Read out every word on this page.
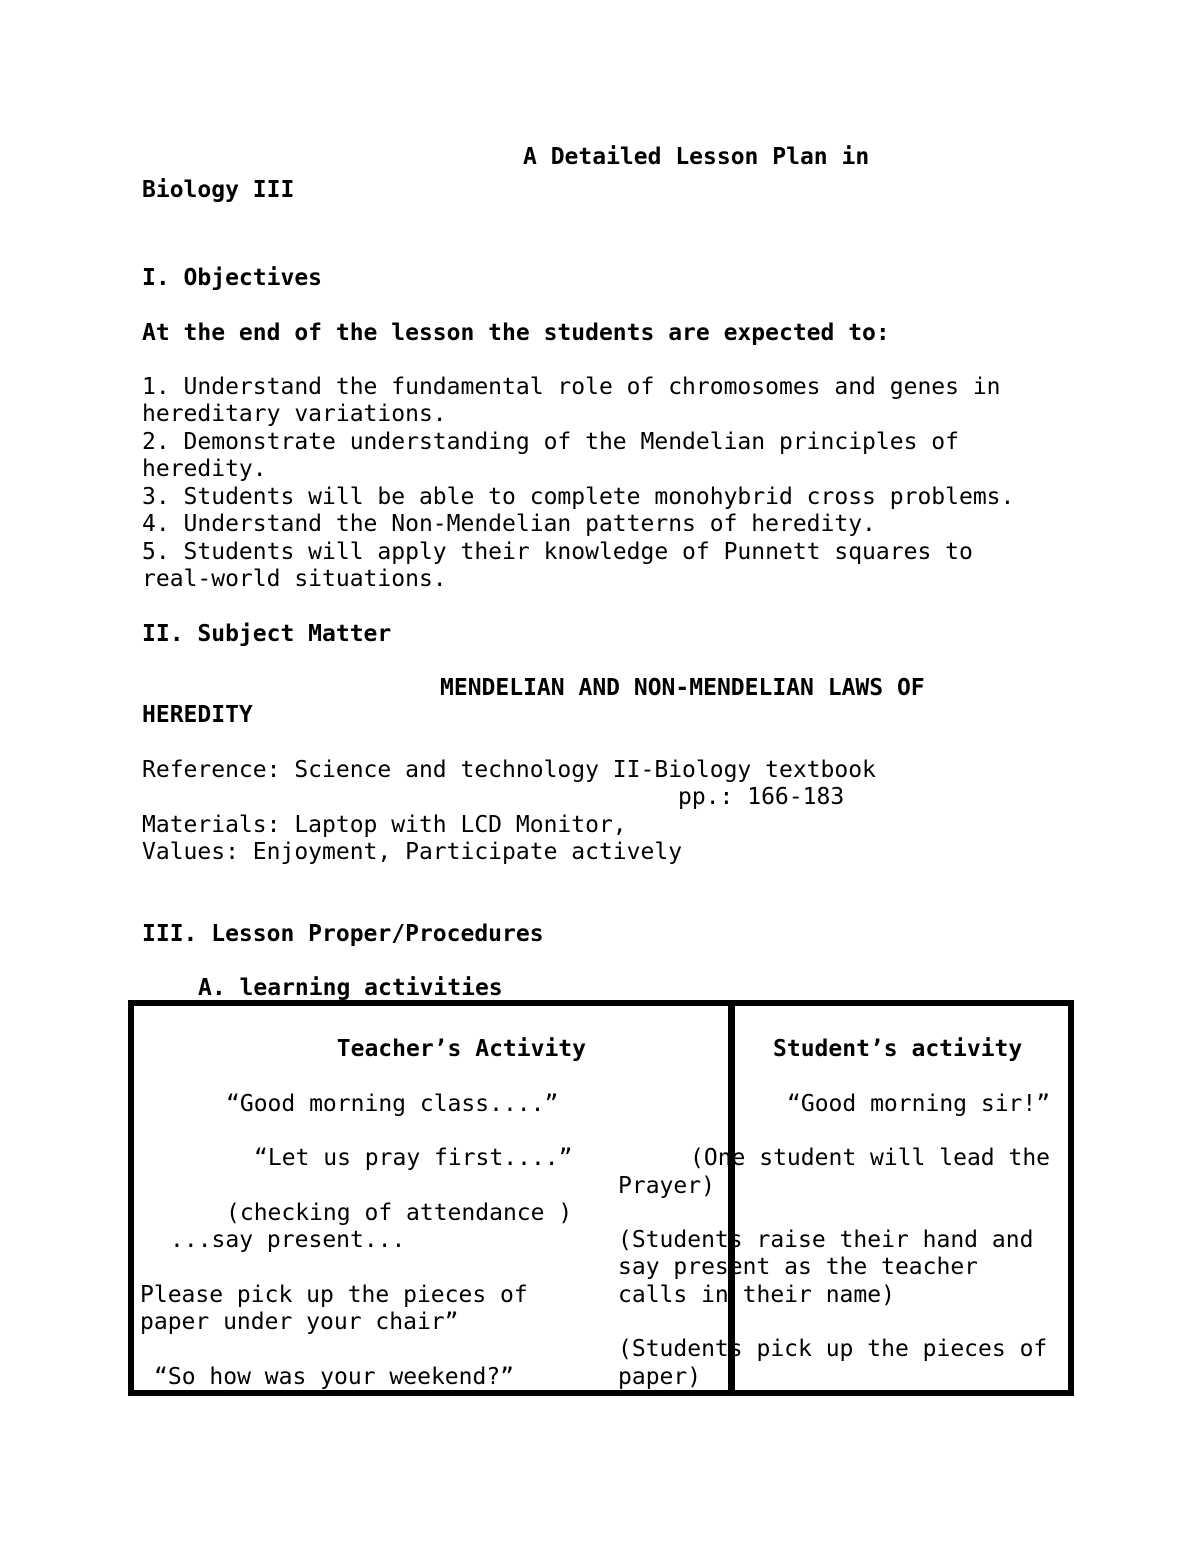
A Detailed Lesson Plan in
Biology III
I. Objectives
At the end of the lesson the students are expected to:
1. Understand the fundamental role of chromosomes and genes in
hereditary variations.
2. Demonstrate understanding of the Mendelian principles of
heredity.
3. Students will be able to complete monohybrid cross problems.
4. Understand the Non-Mendelian patterns of heredity.
5. Students will apply their knowledge of Punnett squares to
real-world situations.
II. Subject Matter
MENDELIAN AND NON-MENDELIAN LAWS OF
HEREDITY
Reference: Science and technology II-Biology textbook
pp.: 166-183
Materials: Laptop with LCD Monitor,
Values: Enjoyment, Participate actively
III. Lesson Proper/Procedures
A. learning activities
Teacher’s Activity
“Good morning class....”
“Let us pray first....”
(checking of attendance )
...say present...
Please pick up the pieces of
paper under your chair”
“So how was your weekend?”
Student’s activity
“Good morning sir!”
(One student will lead the
Prayer)
(Students raise their hand and
say present as the teacher
calls in their name)
(Students pick up the pieces of
paper)
